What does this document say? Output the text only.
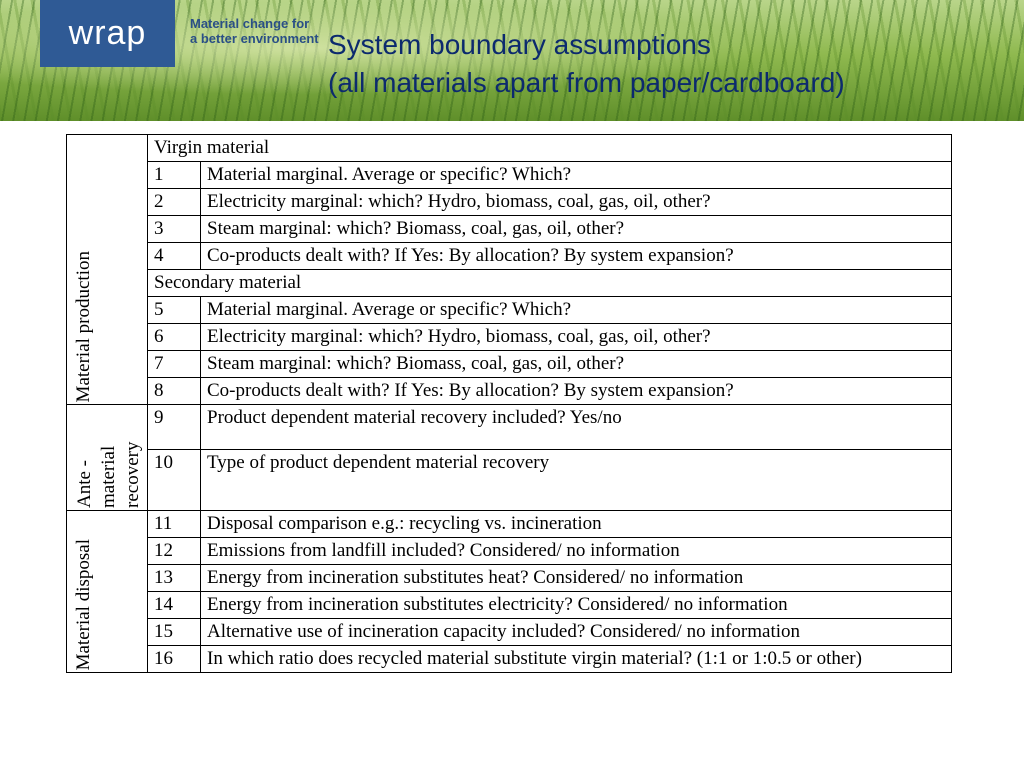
wrap	Material change for
a better environment System boundary assumptions
(all materials apart from paper/cardboard)
Material production	Virgin material	
	1	Material marginal. Average or specific? Which?
	2	Electricity marginal: which? Hydro, biomass, coal, gas, oil, other?
	3	Steam marginal: which? Biomass, coal, gas, oil, other?
	4	Co-products dealt with? If Yes: By allocation? By system expansion?
	Secondary material	
	5	Material marginal. Average or specific? Which?
	6	Electricity marginal: which? Hydro, biomass, coal, gas, oil, other?
	7	Steam marginal: which? Biomass, coal, gas, oil, other?
	8	Co-products dealt with? If Yes: By allocation? By system expansion?

Ante - material recovery	9	Product dependent material recovery included? Yes/no
	10	Type of product dependent material recovery

Material disposal	11	Disposal comparison e.g.: recycling vs. incineration
	12	Emissions from landfill included? Considered/ no information
	13	Energy from incineration substitutes heat? Considered/ no information
	14	Energy from incineration substitutes electricity? Considered/ no information
	15	Alternative use of incineration capacity included? Considered/ no information
	16	In which ratio does recycled material substitute virgin material? (1:1 or 1:0.5 or other)
